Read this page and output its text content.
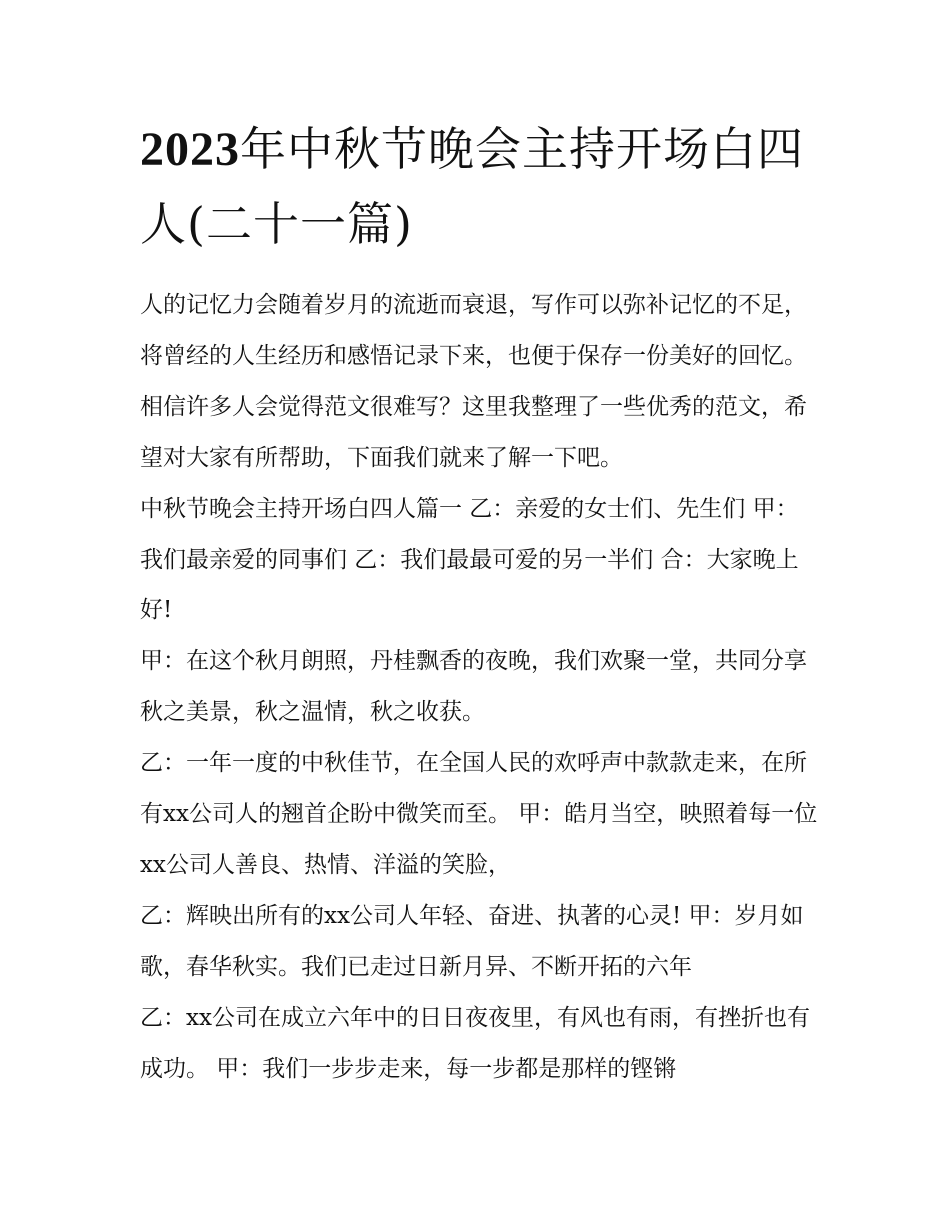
2023年中秋节晚会主持开场白四人(二十一篇)

人的记忆力会随着岁月的流逝而衰退，写作可以弥补记忆的不足，将曾经的人生经历和感悟记录下来，也便于保存一份美好的回忆。相信许多人会觉得范文很难写？这里我整理了一些优秀的范文，希望对大家有所帮助，下面我们就来了解一下吧。

中秋节晚会主持开场白四人篇一 乙：亲爱的女士们、先生们 甲：我们最亲爱的同事们 乙：我们最最可爱的另一半们 合：大家晚上好!

甲：在这个秋月朗照，丹桂飘香的夜晚，我们欢聚一堂，共同分享秋之美景，秋之温情，秋之收获。

乙：一年一度的中秋佳节，在全国人民的欢呼声中款款走来，在所有xx公司人的翘首企盼中微笑而至。 甲：皓月当空，映照着每一位xx公司人善良、热情、洋溢的笑脸，

乙：辉映出所有的xx公司人年轻、奋进、执著的心灵! 甲：岁月如歌，春华秋实。我们已走过日新月异、不断开拓的六年

乙：xx公司在成立六年中的日日夜夜里，有风也有雨，有挫折也有成功。 甲：我们一步步走来，每一步都是那样的铿锵
